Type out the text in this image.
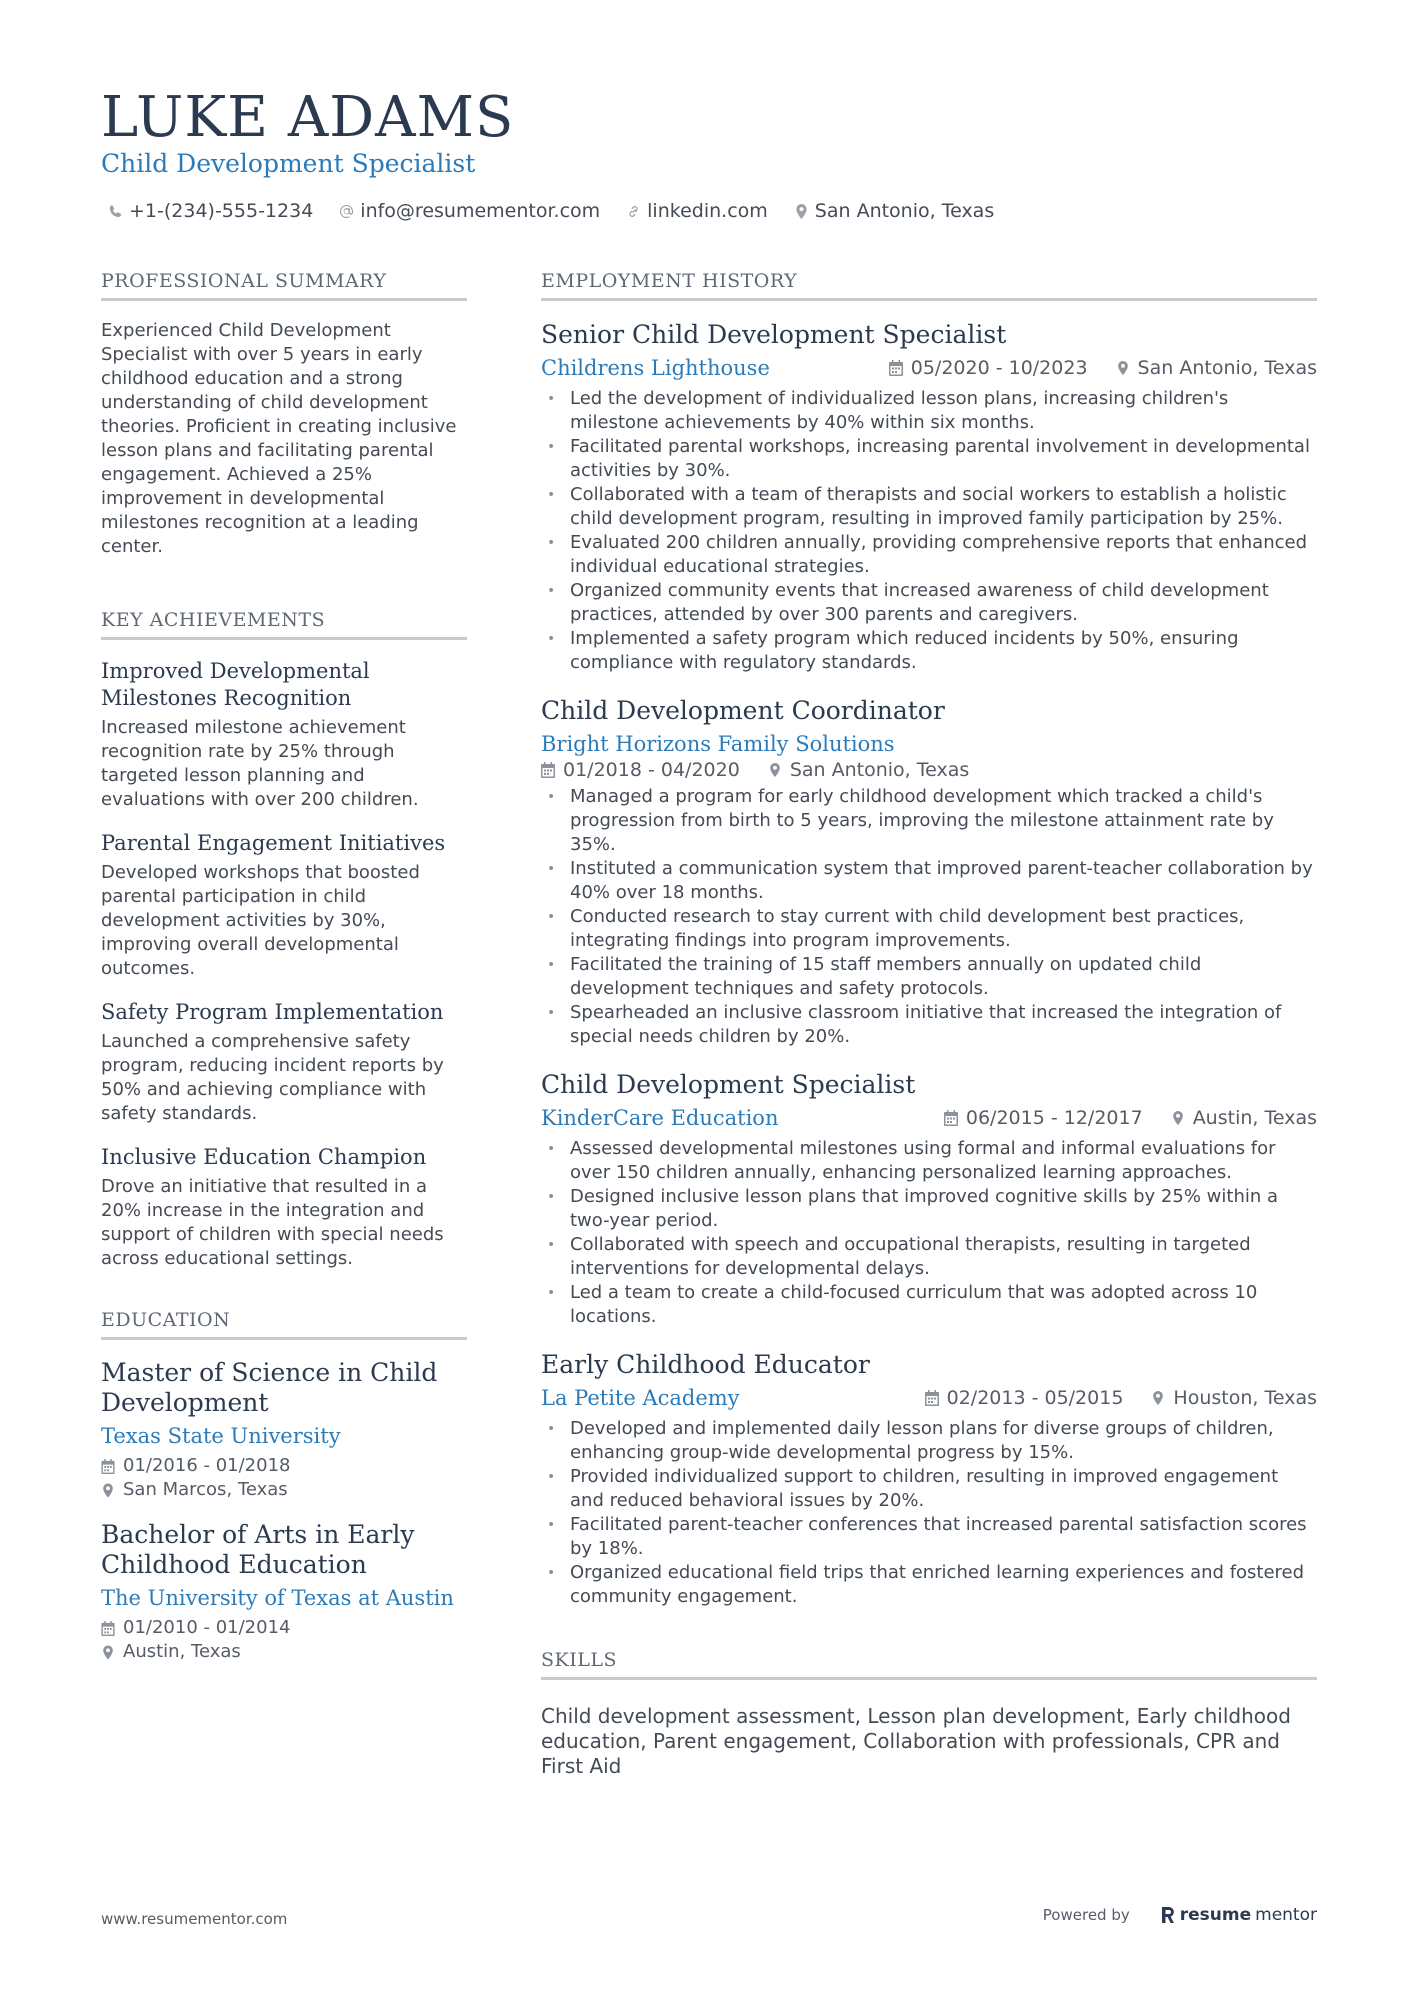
LUKE ADAMS
Child Development Specialist
+1-(234)-555-1234 info@resumementor.com linkedin.com San Antonio, Texas
PROFESSIONAL SUMMARY
Experienced Child Development Specialist with over 5 years in early childhood education and a strong understanding of child development theories. Proficient in creating inclusive lesson plans and facilitating parental engagement. Achieved a 25% improvement in developmental milestones recognition at a leading center.
KEY ACHIEVEMENTS
Improved Developmental Milestones Recognition
Increased milestone achievement recognition rate by 25% through targeted lesson planning and evaluations with over 200 children.
Parental Engagement Initiatives
Developed workshops that boosted parental participation in child development activities by 30%, improving overall developmental outcomes.
Safety Program Implementation
Launched a comprehensive safety program, reducing incident reports by 50% and achieving compliance with safety standards.
Inclusive Education Champion
Drove an initiative that resulted in a 20% increase in the integration and support of children with special needs across educational settings.
EDUCATION
Master of Science in Child Development
Texas State University
01/2016 - 01/2018
San Marcos, Texas
Bachelor of Arts in Early Childhood Education
The University of Texas at Austin
01/2010 - 01/2014
Austin, Texas
EMPLOYMENT HISTORY
Senior Child Development Specialist
Childrens Lighthouse	05/2020 - 10/2023	San Antonio, Texas
• Led the development of individualized lesson plans, increasing children's milestone achievements by 40% within six months.
• Facilitated parental workshops, increasing parental involvement in developmental activities by 30%.
• Collaborated with a team of therapists and social workers to establish a holistic child development program, resulting in improved family participation by 25%.
• Evaluated 200 children annually, providing comprehensive reports that enhanced individual educational strategies.
• Organized community events that increased awareness of child development practices, attended by over 300 parents and caregivers.
• Implemented a safety program which reduced incidents by 50%, ensuring compliance with regulatory standards.
Child Development Coordinator
Bright Horizons Family Solutions
01/2018 - 04/2020	San Antonio, Texas
• Managed a program for early childhood development which tracked a child's progression from birth to 5 years, improving the milestone attainment rate by 35%.
• Instituted a communication system that improved parent-teacher collaboration by 40% over 18 months.
• Conducted research to stay current with child development best practices, integrating findings into program improvements.
• Facilitated the training of 15 staff members annually on updated child development techniques and safety protocols.
• Spearheaded an inclusive classroom initiative that increased the integration of special needs children by 20%.
Child Development Specialist
KinderCare Education	06/2015 - 12/2017	Austin, Texas
• Assessed developmental milestones using formal and informal evaluations for over 150 children annually, enhancing personalized learning approaches.
• Designed inclusive lesson plans that improved cognitive skills by 25% within a two-year period.
• Collaborated with speech and occupational therapists, resulting in targeted interventions for developmental delays.
• Led a team to create a child-focused curriculum that was adopted across 10 locations.
Early Childhood Educator
La Petite Academy	02/2013 - 05/2015	Houston, Texas
• Developed and implemented daily lesson plans for diverse groups of children, enhancing group-wide developmental progress by 15%.
• Provided individualized support to children, resulting in improved engagement and reduced behavioral issues by 20%.
• Facilitated parent-teacher conferences that increased parental satisfaction scores by 18%.
• Organized educational field trips that enriched learning experiences and fostered community engagement.
SKILLS
Child development assessment, Lesson plan development, Early childhood education, Parent engagement, Collaboration with professionals, CPR and First Aid
www.resumementor.com	Powered by	resume mentor
